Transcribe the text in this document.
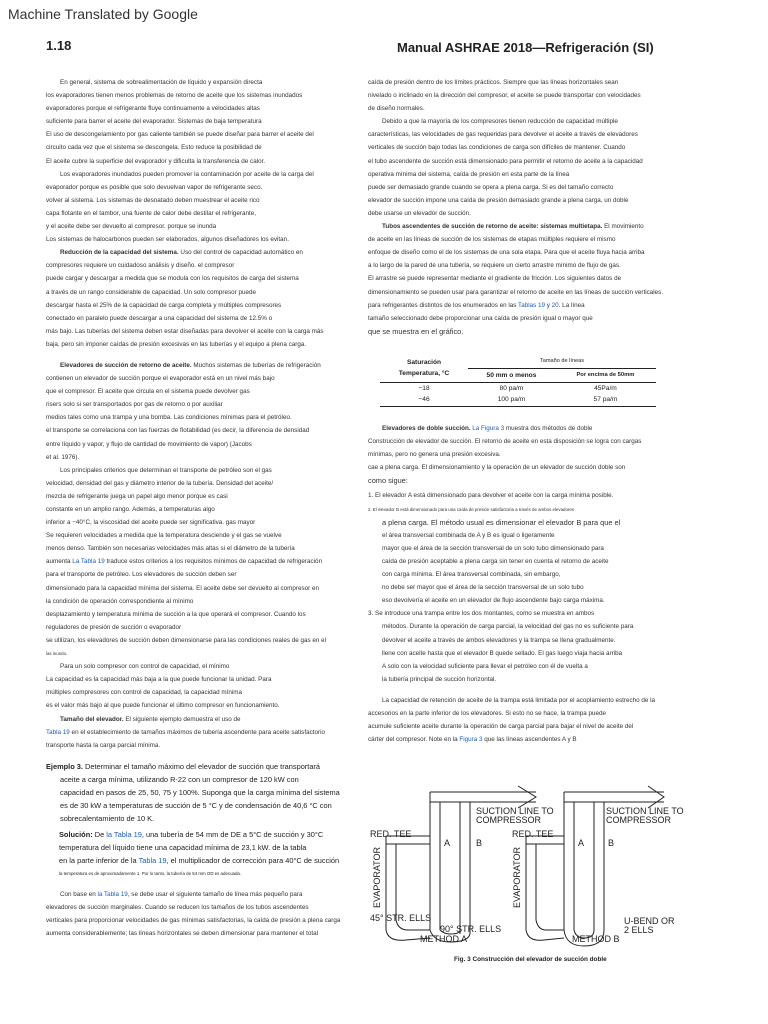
Machine Translated by Google
1.18	Manual ASHRAE 2018—Refrigeración (SI)

En general, sistema de sobrealimentación de líquido y expansión directa

los evaporadores tienen menos problemas de retorno de aceite que los sistemas inundados

evaporadores porque el refrigerante fluye continuamente a velocidades altas

suficiente para barrer el aceite del evaporador. Sistemas de baja temperatura

El uso de descongelamiento por gas caliente también se puede diseñar para barrer el aceite del

circuito cada vez que el sistema se descongela. Esto reduce la posibilidad de

El aceite cubre la superficie del evaporador y dificulta la transferencia de calor.

Los evaporadores inundados pueden promover la contaminación por aceite de la carga del

evaporador porque es posible que solo devuelvan vapor de refrigerante seco.

volver al sistema. Los sistemas de desnatado deben muestrear el aceite rico

capa flotante en el tambor, una fuente de calor debe destilar el refrigerante,

y el aceite debe ser devuelto al compresor. porque se inunda

Los sistemas de halocarbonos pueden ser elaborados, algunos diseñadores los evitan.

Reducción de la capacidad del sistema. Uso del control de capacidad automático en

compresores requiere un cuidadoso análisis y diseño. el compresor

puede cargar y descargar a medida que se modula con los requisitos de carga del sistema

a través de un rango considerable de capacidad. Un solo compresor puede

descargar hasta el 25% de la capacidad de carga completa y múltiples compresores

conectado en paralelo puede descargar a una capacidad del sistema de 12.5% o

más bajo. Las tuberías del sistema deben estar diseñadas para devolver el aceite con la carga más

baja, pero sin imponer caídas de presión excesivas en las tuberías y el equipo a plena carga.

Elevadores de succión de retorno de aceite. Muchos sistemas de tuberías de refrigeración

contienen un elevador de succión porque el evaporador está en un nivel más bajo

que el compresor. El aceite que circula en el sistema puede devolver gas

risers solo si ser transportados por gas de retorno o por auxiliar

medios tales como una trampa y una bomba. Las condiciones mínimas para el petróleo.

el transporte se correlaciona con las fuerzas de flotabilidad (es decir, la diferencia de densidad

entre líquido y vapor, y flujo de cantidad de movimiento de vapor) (Jacobs

et al. 1976).

Los principales criterios que determinan el transporte de petróleo son el gas

velocidad, densidad del gas y diámetro interior de la tubería. Densidad del aceite/

mezcla de refrigerante juega un papel algo menor porque es casi

constante en un amplio rango. Además, a temperaturas algo

inferior a −40°C, la viscosidad del aceite puede ser significativa. gas mayor

Se requieren velocidades a medida que la temperatura desciende y el gas se vuelve

menos denso. También son necesarias velocidades más altas si el diámetro de la tubería

aumenta La Tabla 19 traduce estos criterios a los requisitos mínimos de capacidad de refrigeración

para el transporte de petróleo. Los elevadores de succión deben ser

dimensionado para la capacidad mínima del sistema. El aceite debe ser devuelto al compresor en

la condición de operación correspondiente al mínimo

desplazamiento y temperatura mínima de succión a la que operará el compresor. Cuando los

reguladores de presión de succión o evaporador

se utilizan, los elevadores de succión deben dimensionarse para las condiciones reales de gas en el

las inundo.

Para un solo compresor con control de capacidad, el mínimo

La capacidad es la capacidad más baja a la que puede funcionar la unidad. Para

múltiples compresores con control de capacidad, la capacidad mínima

es el valor más bajo al que puede funcionar el último compresor en funcionamiento.

Tamaño del elevador. El siguiente ejemplo demuestra el uso de

Tabla 19 en el establecimiento de tamaños máximos de tubería ascendente para aceite satisfactorio

transporte hasta la carga parcial mínima.

Ejemplo 3. Determinar el tamaño máximo del elevador de succión que transportará

aceite a carga mínima, utilizando R-22 con un compresor de 120 kW con

capacidad en pasos de 25, 50, 75 y 100%. Suponga que la carga mínima del sistema

es de 30 kW a temperaturas de succión de 5 °C y de condensación de 40,6 °C con

sobrecalentamiento de 10 K.

Solución: De la Tabla 19, una tubería de 54 mm de DE a 5°C de succión y 30°C

temperatura del líquido tiene una capacidad mínima de 23,1 kW. de la tabla

en la parte inferior de la Tabla 19, el multiplicador de corrección para 40°C de succión

la temperatura es de aproximadamente 1. Por lo tanto, la tubería de 54 mm OD es adecuada.

Con base en la Tabla 19, se debe usar el siguiente tamaño de línea más pequeño para

elevadores de succión marginales. Cuando se reducen los tamaños de los tubos ascendentes

verticales para proporcionar velocidades de gas mínimas satisfactorias, la caída de presión a plena carga

aumenta considerablemente; las líneas horizontales se deben dimensionar para mantener el total

caída de presión dentro de los límites prácticos. Siempre que las líneas horizontales sean

nivelado o inclinado en la dirección del compresor, el aceite se puede transportar con velocidades

de diseño normales.

Debido a que la mayoría de los compresores tienen reducción de capacidad múltiple

características, las velocidades de gas requeridas para devolver el aceite a través de elevadores

verticales de succión bajo todas las condiciones de carga son difíciles de mantener. Cuando

el tubo ascendente de succión está dimensionado para permitir el retorno de aceite a la capacidad

operativa mínima del sistema, caída de presión en esta parte de la línea

puede ser demasiado grande cuando se opera a plena carga. Si es del tamaño correcto

elevador de succión impone una caída de presión demasiado grande a plena carga, un doble

debe usarse un elevador de succión.

Tubos ascendentes de succión de retorno de aceite: sistemas multietapa. El movimiento

de aceite en las líneas de succión de los sistemas de etapas múltiples requiere el mismo

enfoque de diseño como el de los sistemas de una sola etapa. Para que el aceite fluya hacia arriba

a lo largo de la pared de una tubería, se requiere un cierto arrastre mínimo de flujo de gas.

El arrastre se puede representar mediante el gradiente de fricción. Los siguientes datos de

dimensionamiento se pueden usar para garantizar el retorno de aceite en las líneas de succión verticales.

para refrigerantes distintos de los enumerados en las Tablas 19 y 20. La línea

tamaño seleccionado debe proporcionar una caída de presión igual o mayor que

que se muestra en el gráfico.

Saturación
Temperatura, °C	Tamaño de líneas	
	50 mm o menos	Por encima de 50mm
−18	80 pa/m	45Pa/m
−46	100 pa/m	57 pa/m

Elevadores de doble succión. La Figura 3 muestra dos métodos de doble

Construcción de elevador de succión. El retorno de aceite en esta disposición se logra con cargas

mínimas, pero no genera una presión excesiva.

cae a plena carga. El dimensionamiento y la operación de un elevador de succión doble son

como sigue:

1. El elevador A está dimensionado para devolver el aceite con la carga mínima posible.

2. El elevador B está dimensionado para una caída de presión satisfactoria a través de ambos elevadores

a plena carga. El método usual es dimensionar el elevador B para que el

el área transversal combinada de A y B es igual o ligeramente

mayor que el área de la sección transversal de un solo tubo dimensionado para

caída de presión aceptable a plena carga sin tener en cuenta el retorno de aceite

con carga mínima. El área transversal combinada, sin embargo,

no debe ser mayor que el área de la sección transversal de un solo tubo

eso devolvería el aceite en un elevador de flujo ascendente bajo carga máxima.

3. Se introduce una trampa entre los dos montantes, como se muestra en ambos

métodos. Durante la operación de carga parcial, la velocidad del gas no es suficiente para

devolver el aceite a través de ambos elevadores y la trampa se llena gradualmente.

llene con aceite hasta que el elevador B quede sellado. El gas luego viaja hacia arriba

A solo con la velocidad suficiente para llevar el petróleo con él de vuelta a

la tubería principal de succión horizontal.

La capacidad de retención de aceite de la trampa está limitada por el acoplamiento estrecho de la

accesorios en la parte inferior de los elevadores. Si esto no se hace, la trampa puede

acumule suficiente aceite durante la operación de carga parcial para bajar el nivel de aceite del

cárter del compresor. Note en la Figura 3 que las líneas ascendentes A y B

SUCTION LINE TO
COMPRESSOR
RED. TEE
A	B
EVAPORATOR
45° STR. ELLS
90° STR. ELLS
METHOD A
SUCTION LINE TO
COMPRESSOR
RED. TEE
A	B
EVAPORATOR
U-BEND OR
2 ELLS
METHOD B
Fig. 3 Construcción del elevador de succión doble
